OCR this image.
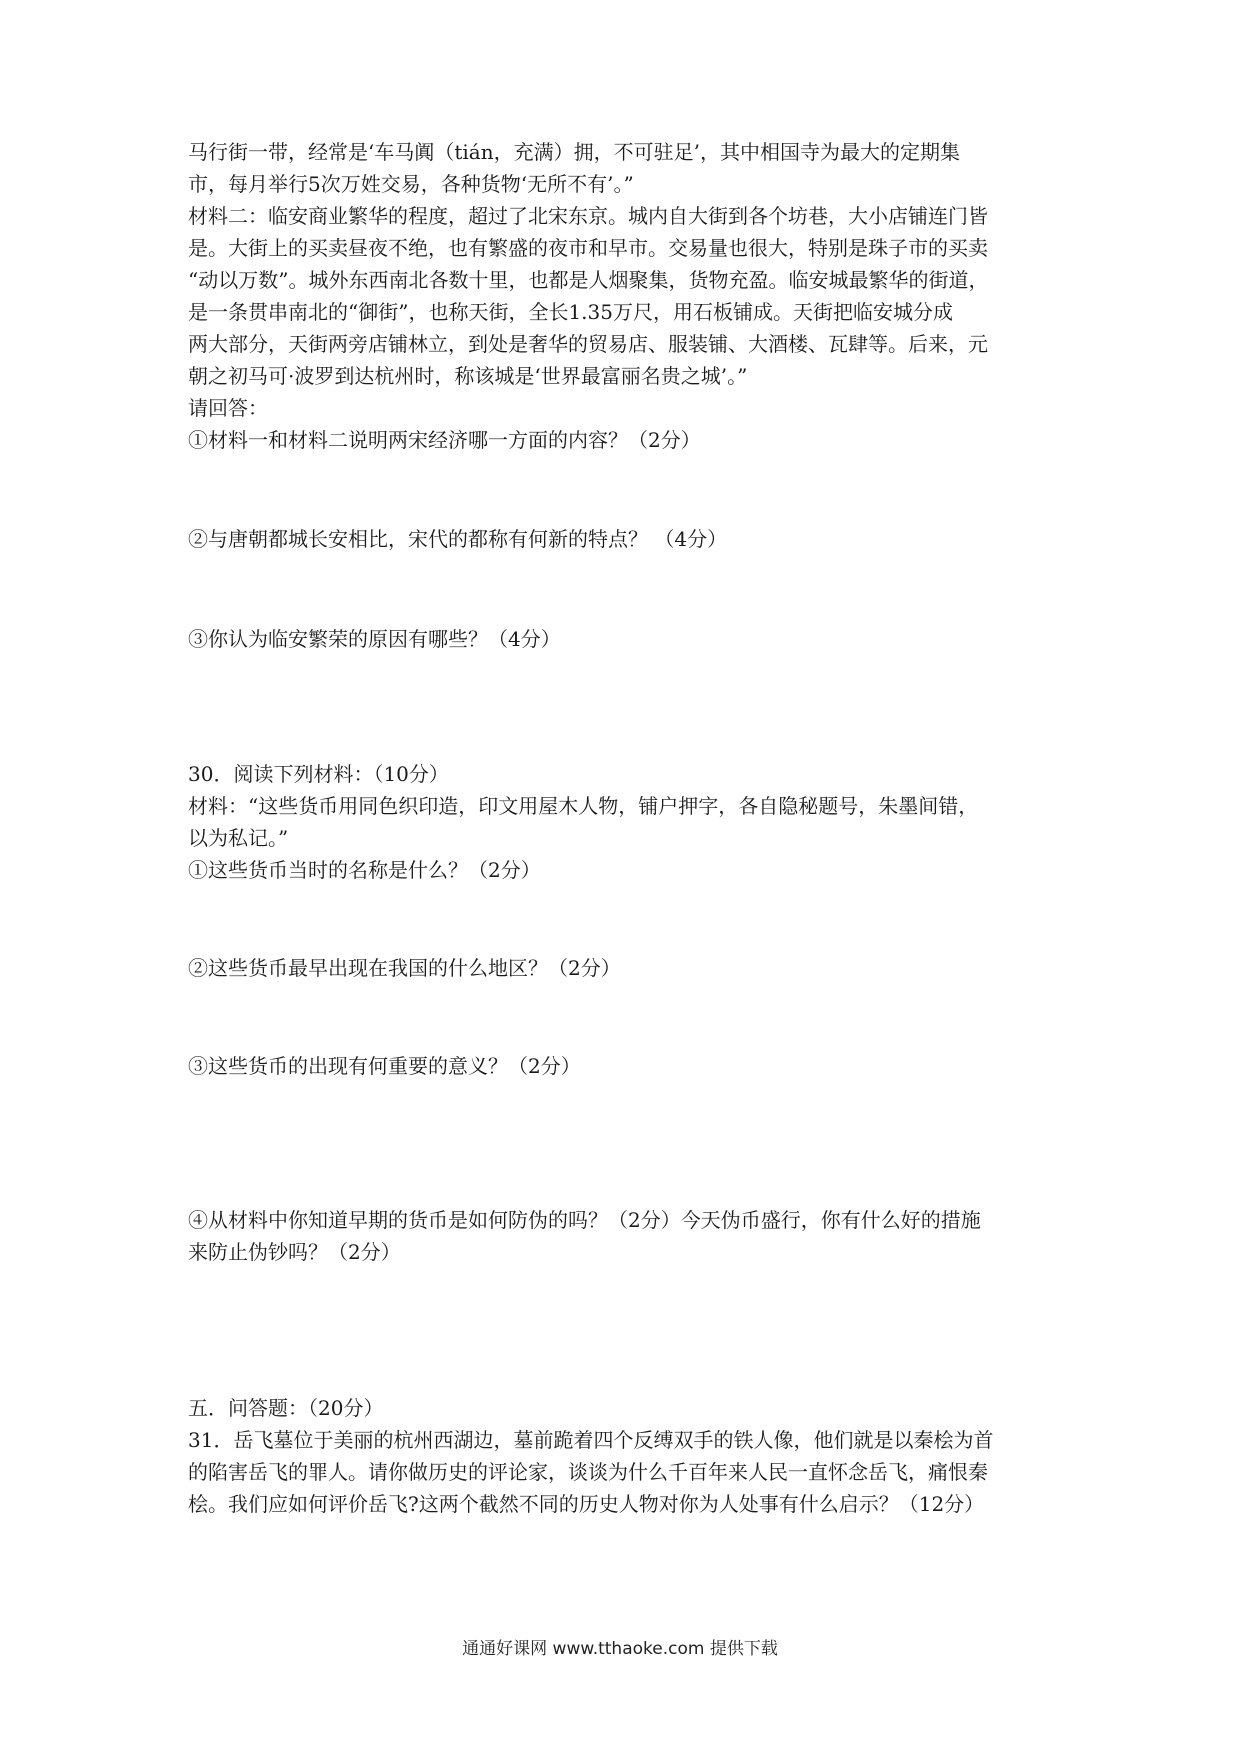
马行街一带，经常是‘车马阗（tián，充满）拥，不可驻足’，其中相国寺为最大的定期集
市，每月举行5次万姓交易，各种货物‘无所不有’。”
材料二：临安商业繁华的程度，超过了北宋东京。城内自大街到各个坊巷，大小店铺连门皆
是。大街上的买卖昼夜不绝，也有繁盛的夜市和早市。交易量也很大，特别是珠子市的买卖
“动以万数”。城外东西南北各数十里，也都是人烟聚集，货物充盈。临安城最繁华的街道，
是一条贯串南北的“御街”，也称天街，全长1.35万尺，用石板铺成。天街把临安城分成
两大部分，天街两旁店铺林立，到处是奢华的贸易店、服装铺、大酒楼、瓦肆等。后来，元
朝之初马可·波罗到达杭州时，称该城是‘世界最富丽名贵之城’。”
请回答：
①材料一和材料二说明两宋经济哪一方面的内容？（2分）
②与唐朝都城长安相比，宋代的都称有何新的特点？ （4分）
③你认为临安繁荣的原因有哪些？（4分）
30．阅读下列材料：（10分）
材料：“这些货币用同色织印造，印文用屋木人物，铺户押字，各自隐秘题号，朱墨间错，
以为私记。”
①这些货币当时的名称是什么？（2分）
②这些货币最早出现在我国的什么地区？（2分）
③这些货币的出现有何重要的意义？（2分）
④从材料中你知道早期的货币是如何防伪的吗？（2分）今天伪币盛行，你有什么好的措施
来防止伪钞吗？（2分）
五．问答题：（20分）
31．岳飞墓位于美丽的杭州西湖边，墓前跪着四个反缚双手的铁人像，他们就是以秦桧为首
的陷害岳飞的罪人。请你做历史的评论家，谈谈为什么千百年来人民一直怀念岳飞，痛恨秦
桧。我们应如何评价岳飞?这两个截然不同的历史人物对你为人处事有什么启示？（12分）
通通好课网 www.tthaoke.com 提供下载
